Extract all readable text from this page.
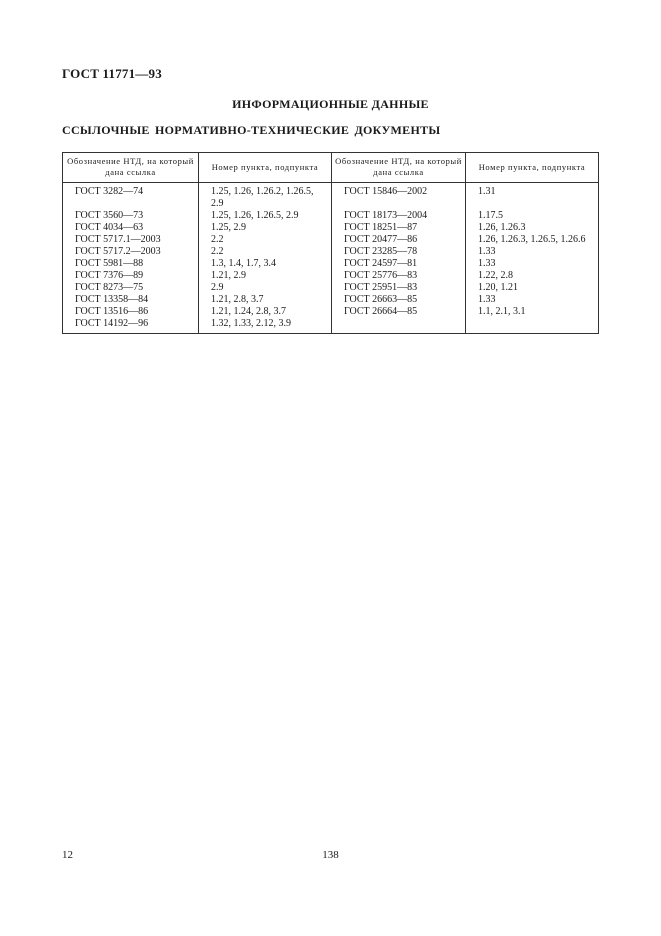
ГОСТ 11771—93
ИНФОРМАЦИОННЫЕ ДАННЫЕ
ССЫЛОЧНЫЕ НОРМАТИВНО-ТЕХНИЧЕСКИЕ ДОКУМЕНТЫ
Обозначение НТД, на который дана ссылка	Номер пункта, подпункта	Обозначение НТД, на который дана ссылка	Номер пункта, подпункта

ГОСТ 3282—74	1.25, 1.26, 1.26.2, 1.26.5, 2.9	ГОСТ 15846—2002	1.31

ГОСТ 3560—73	1.25, 1.26, 1.26.5, 2.9	ГОСТ 18173—2004	1.17.5

ГОСТ 4034—63	1.25, 2.9	ГОСТ 18251—87	1.26, 1.26.3

ГОСТ 5717.1—2003	2.2	ГОСТ 20477—86	1.26, 1.26.3, 1.26.5, 1.26.6

ГОСТ 5717.2—2003	2.2	ГОСТ 23285—78	1.33

ГОСТ 5981—88	1.3, 1.4, 1.7, 3.4	ГОСТ 24597—81	1.33

ГОСТ 7376—89	1.21, 2.9	ГОСТ 25776—83	1.22, 2.8

ГОСТ 8273—75	2.9	ГОСТ 25951—83	1.20, 1.21

ГОСТ 13358—84	1.21, 2.8, 3.7	ГОСТ 26663—85	1.33

ГОСТ 13516—86	1.21, 1.24, 2.8, 3.7	ГОСТ 26664—85	1.1, 2.1, 3.1

ГОСТ 14192—96	1.32, 1.33, 2.12, 3.9		

12	138
